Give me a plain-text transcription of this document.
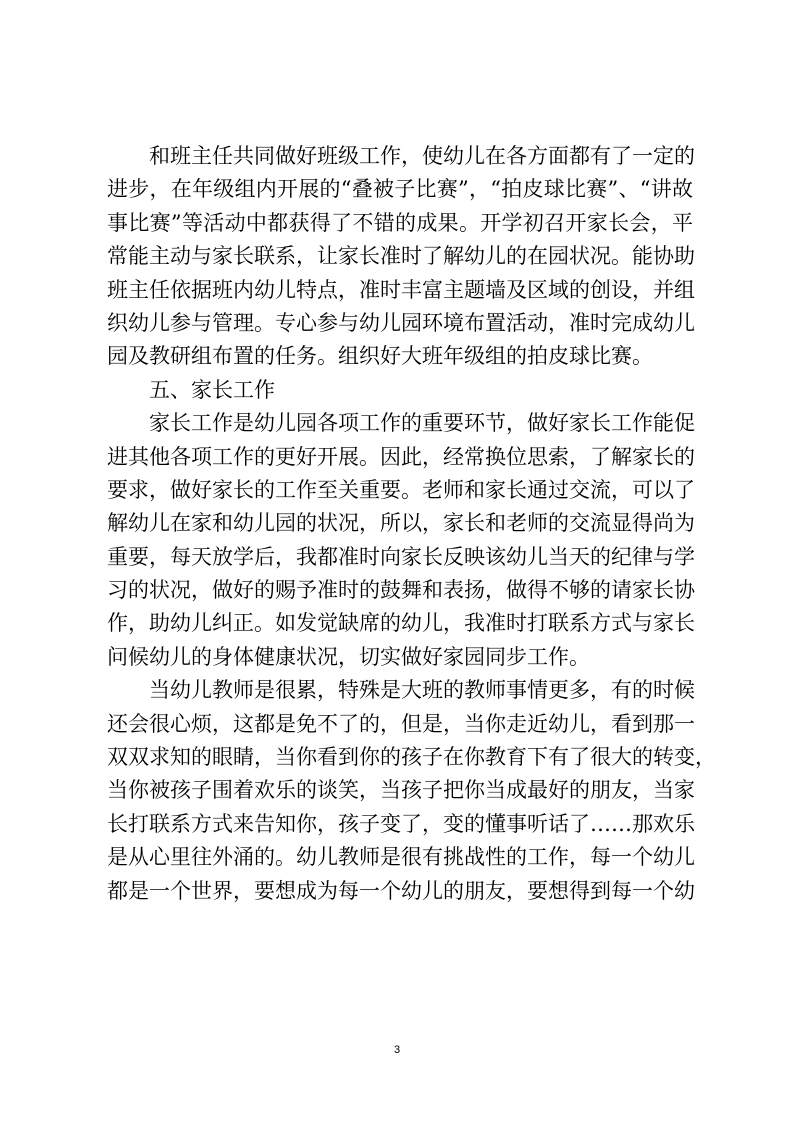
和班主任共同做好班级工作，使幼儿在各方面都有了一定的
进步，在年级组内开展的“叠被子比赛”，“拍皮球比赛”、“讲故
事比赛”等活动中都获得了不错的成果。开学初召开家长会，平
常能主动与家长联系，让家长准时了解幼儿的在园状况。能协助
班主任依据班内幼儿特点，准时丰富主题墙及区域的创设，并组
织幼儿参与管理。专心参与幼儿园环境布置活动，准时完成幼儿
园及教研组布置的任务。组织好大班年级组的拍皮球比赛。
五、家长工作
家长工作是幼儿园各项工作的重要环节，做好家长工作能促
进其他各项工作的更好开展。因此，经常换位思索，了解家长的
要求，做好家长的工作至关重要。老师和家长通过交流，可以了
解幼儿在家和幼儿园的状况，所以，家长和老师的交流显得尚为
重要，每天放学后，我都准时向家长反映该幼儿当天的纪律与学
习的状况，做好的赐予准时的鼓舞和表扬，做得不够的请家长协
作，助幼儿纠正。如发觉缺席的幼儿，我准时打联系方式与家长
问候幼儿的身体健康状况，切实做好家园同步工作。
当幼儿教师是很累，特殊是大班的教师事情更多，有的时候
还会很心烦，这都是免不了的，但是，当你走近幼儿，看到那一
双双求知的眼睛，当你看到你的孩子在你教育下有了很大的转变，
当你被孩子围着欢乐的谈笑，当孩子把你当成最好的朋友，当家
长打联系方式来告知你，孩子变了，变的懂事听话了……那欢乐
是从心里往外涌的。幼儿教师是很有挑战性的工作，每一个幼儿
都是一个世界，要想成为每一个幼儿的朋友，要想得到每一个幼
3
